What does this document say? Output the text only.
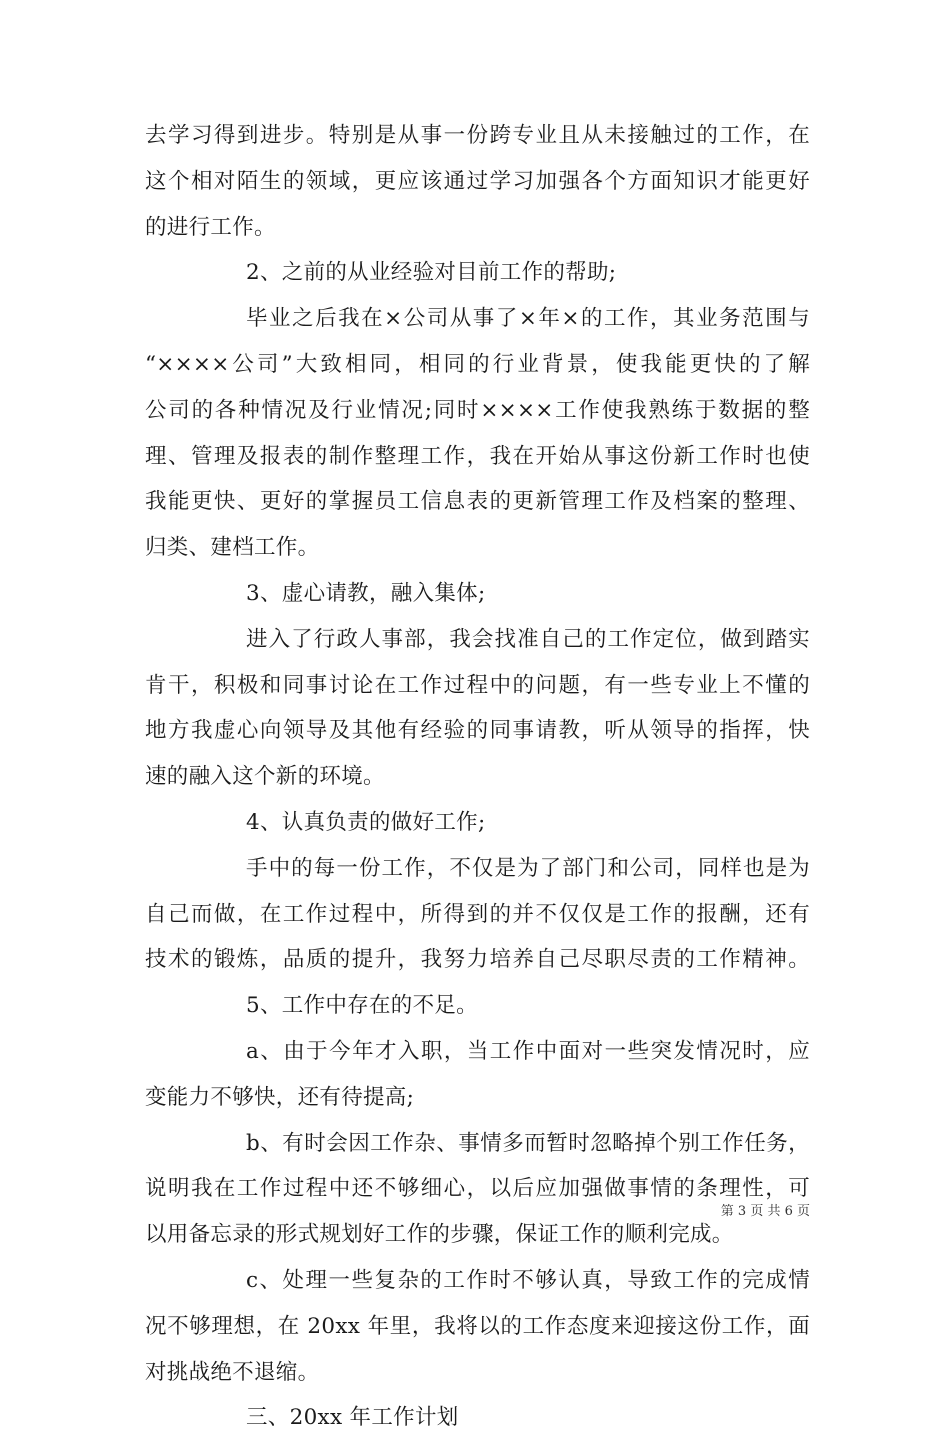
去学习得到进步。特别是从事一份跨专业且从未接触过的工作，在
这个相对陌生的领域，更应该通过学习加强各个方面知识才能更好
的进行工作。
2、之前的从业经验对目前工作的帮助;
毕业之后我在×公司从事了×年×的工作，其业务范围与
“××××公司”大致相同，相同的行业背景，使我能更快的了解
公司的各种情况及行业情况;同时××××工作使我熟练于数据的整
理、管理及报表的制作整理工作，我在开始从事这份新工作时也使
我能更快、更好的掌握员工信息表的更新管理工作及档案的整理、
归类、建档工作。
3、虚心请教，融入集体;
进入了行政人事部，我会找准自己的工作定位，做到踏实
肯干，积极和同事讨论在工作过程中的问题，有一些专业上不懂的
地方我虚心向领导及其他有经验的同事请教，听从领导的指挥，快
速的融入这个新的环境。
4、认真负责的做好工作;
手中的每一份工作，不仅是为了部门和公司，同样也是为
自己而做，在工作过程中，所得到的并不仅仅是工作的报酬，还有
技术的锻炼，品质的提升，我努力培养自己尽职尽责的工作精神。
5、工作中存在的不足。
a、由于今年才入职，当工作中面对一些突发情况时，应
变能力不够快，还有待提高;
b、有时会因工作杂、事情多而暂时忽略掉个别工作任务，
说明我在工作过程中还不够细心，以后应加强做事情的条理性，可
以用备忘录的形式规划好工作的步骤，保证工作的顺利完成。
c、处理一些复杂的工作时不够认真，导致工作的完成情
况不够理想，在 20xx 年里，我将以的工作态度来迎接这份工作，面
对挑战绝不退缩。
三、20xx 年工作计划
第 3 页 共 6 页
